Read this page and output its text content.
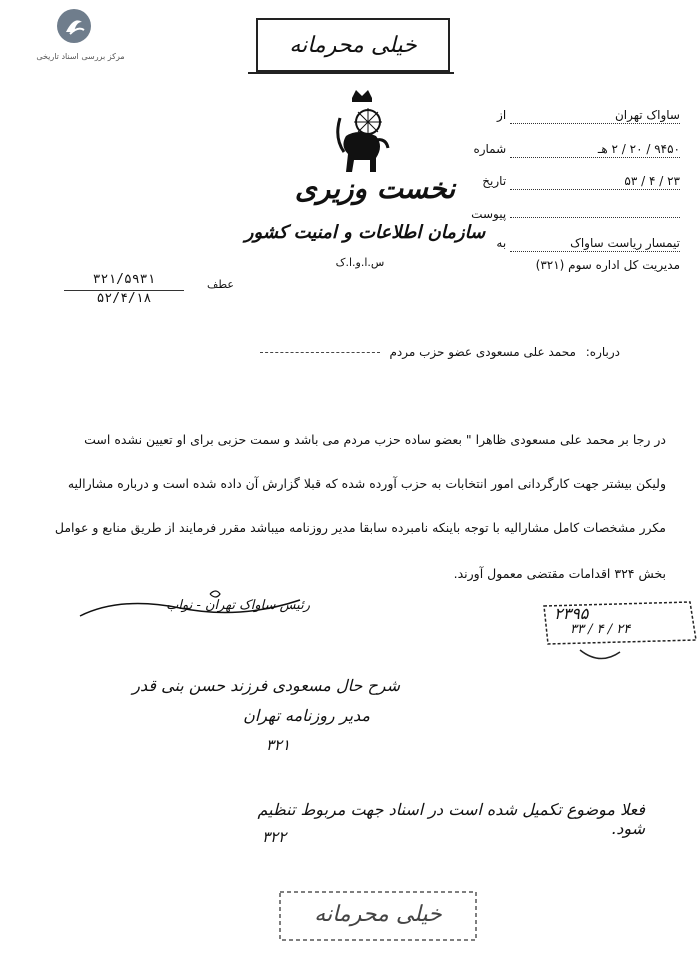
مرکز بررسی اسناد تاریخی	خیلی محرمانه
نخست وزیری
سازمان اطلاعات و امنیت کشور
س.ا.و.ا.ک
از	ساواک تهران
شماره	۹۴۵۰ / ۲۰ / ۲ هـ
تاریخ	۲۳ / ۴ / ۵۳
پیوست
به	تیمسار ریاست ساواک
مدیریت کل اداره سوم (۳۲۱)
عطف
۳۲۱/۵۹۳۱
۵۲/۴/۱۸
درباره: محمد علی مسعودی عضو حزب مردم
در رجا بر محمد علی مسعودی ظاهرا " بعضو ساده حزب مردم می باشد و سمت حزبی برای او تعیین نشده است
ولیکن بیشتر جهت کارگردانی امور انتخابات به حزب آورده شده که قبلا گزارش آن داده شده است و درباره مشارالیه
مکرر مشخصات کامل مشارالیه با توجه باینکه نامبرده سابقا مدیر روزنامه میباشد مقرر فرمایند از طریق منابع و عوامل
بخش ۳۲۴ اقدامات مقتضی معمول آورند.
رئیس ساواک تهران - نواب	۲۳۹۵
۳۳ / ۴ / ۲۴
شرح حال مسعودی فرزند حسن بنی قدر
مدیر روزنامه تهران
۳۲۱
فعلا موضوع تکمیل شده است در اسناد جهت مربوط تنظیم شود.
۳۲۲
خیلی محرمانه
